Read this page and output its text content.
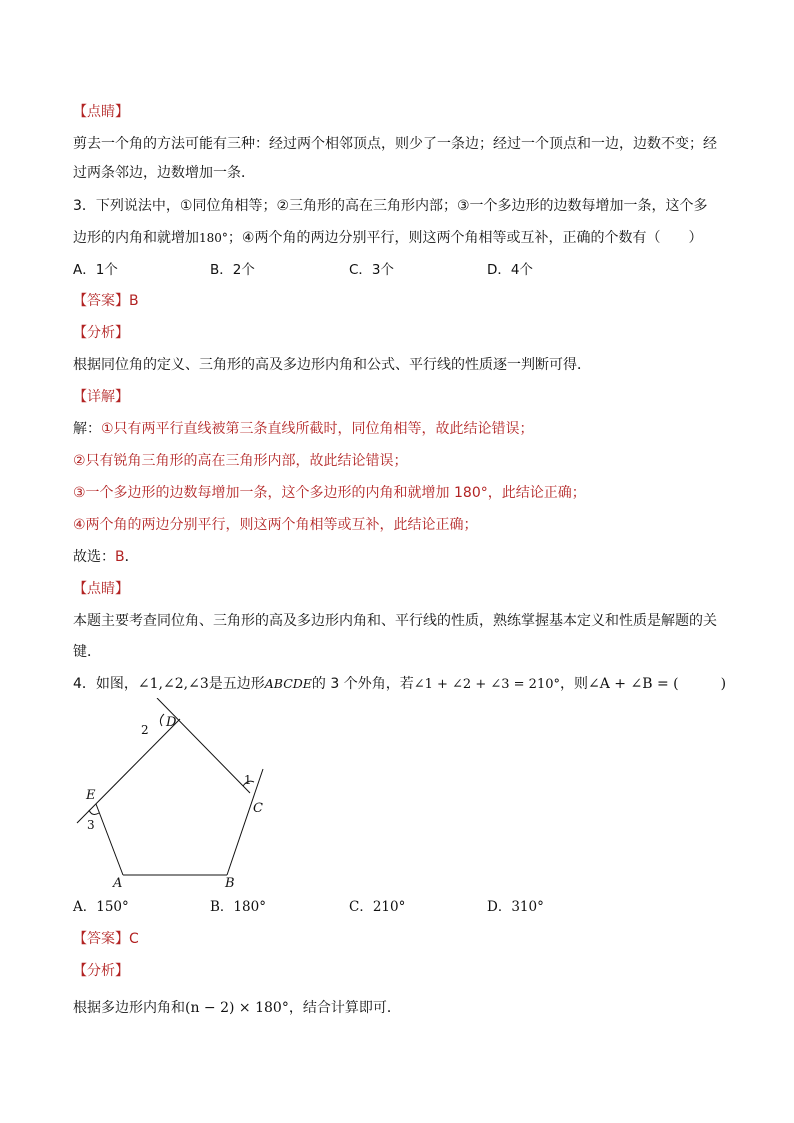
【点睛】
剪去一个角的方法可能有三种：经过两个相邻顶点，则少了一条边；经过一个顶点和一边，边数不变；经
过两条邻边，边数增加一条．
3．下列说法中，①同位角相等；②三角形的高在三角形内部；③一个多边形的边数每增加一条，这个多
边形的内角和就增加180°；④两个角的两边分别平行，则这两个角相等或互补，正确的个数有（　　）
A．1个	B．2个	C．3个	D．4个
【答案】B
【分析】
根据同位角的定义、三角形的高及多边形内角和公式、平行线的性质逐一判断可得．
【详解】
解：①只有两平行直线被第三条直线所截时，同位角相等，故此结论错误；
②只有锐角三角形的高在三角形内部，故此结论错误；
③一个多边形的边数每增加一条，这个多边形的内角和就增加 180°，此结论正确；
④两个角的两边分别平行，则这两个角相等或互补，此结论正确；
故选：B．
【点睛】
本题主要考查同位角、三角形的高及多边形内角和、平行线的性质，熟练掌握基本定义和性质是解题的关
键．
4．如图，∠1,∠2,∠3是五边形ABCDE的 3 个外角，若∠1 + ∠2 + ∠3 = 210°，则∠A + ∠B = (　　　)
A	B
C
D
E
1
2
3
A．150°	B．180°	C．210°	D．310°
【答案】C
【分析】
根据多边形内角和(n − 2) × 180°，结合计算即可．
